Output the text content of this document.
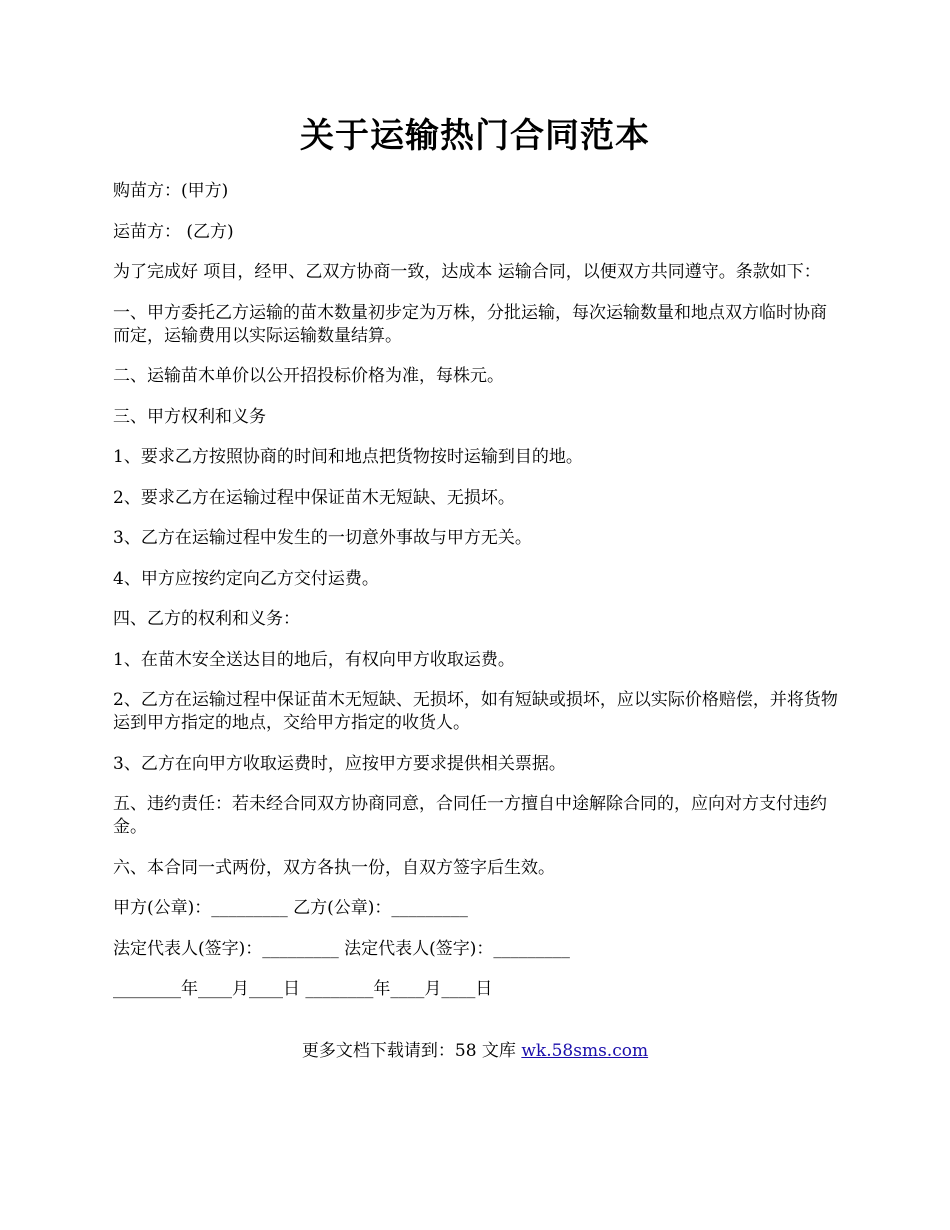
关于运输热门合同范本

购苗方：(甲方)

运苗方： (乙方)

为了完成好 项目，经甲、乙双方协商一致，达成本 运输合同，以便双方共同遵守。条款如下：

一、甲方委托乙方运输的苗木数量初步定为万株，分批运输，每次运输数量和地点双方临时协商而定，运输费用以实际运输数量结算。

二、运输苗木单价以公开招投标价格为准，每株元。

三、甲方权利和义务

1、要求乙方按照协商的时间和地点把货物按时运输到目的地。

2、要求乙方在运输过程中保证苗木无短缺、无损坏。

3、乙方在运输过程中发生的一切意外事故与甲方无关。

4、甲方应按约定向乙方交付运费。

四、乙方的权利和义务：

1、在苗木安全送达目的地后，有权向甲方收取运费。

2、乙方在运输过程中保证苗木无短缺、无损坏，如有短缺或损坏，应以实际价格赔偿，并将货物运到甲方指定的地点，交给甲方指定的收货人。

3、乙方在向甲方收取运费时，应按甲方要求提供相关票据。

五、违约责任：若未经合同双方协商同意，合同任一方擅自中途解除合同的，应向对方支付违约金。

六、本合同一式两份，双方各执一份，自双方签字后生效。

甲方(公章)：_________ 乙方(公章)：_________

法定代表人(签字)：_________ 法定代表人(签字)：_________

________年____月____日 ________年____月____日

更多文档下载请到：58 文库 wk.58sms.com
